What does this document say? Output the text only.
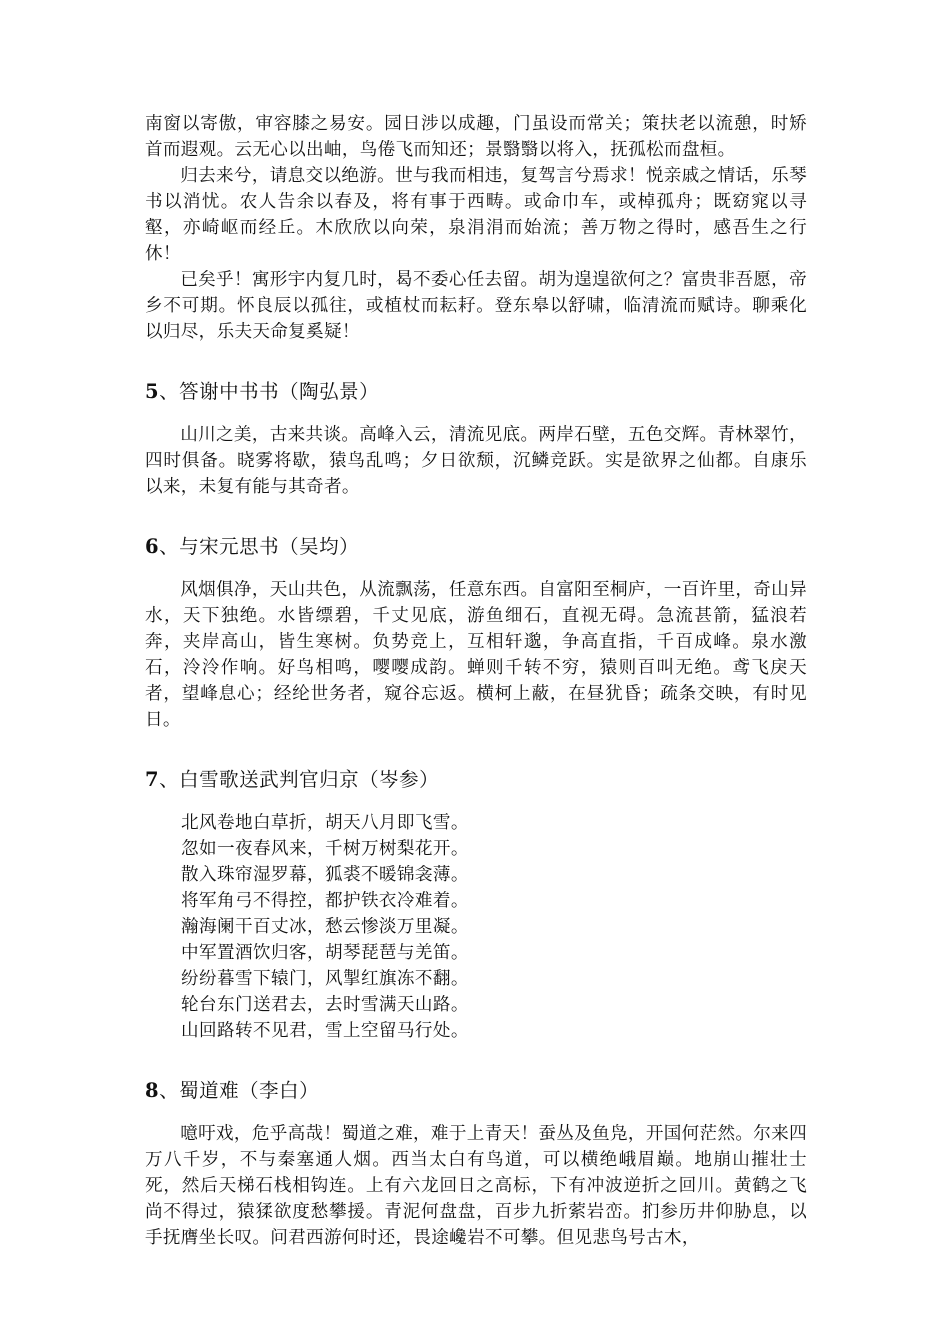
南窗以寄傲，审容膝之易安。园日涉以成趣，门虽设而常关；策扶老以流憩，时矫首而遐观。云无心以出岫，鸟倦飞而知还；景翳翳以将入，抚孤松而盘桓。

归去来兮，请息交以绝游。世与我而相违，复驾言兮焉求！悦亲戚之情话，乐琴书以消忧。农人告余以春及，将有事于西畴。或命巾车，或棹孤舟；既窈窕以寻壑，亦崎岖而经丘。木欣欣以向荣，泉涓涓而始流；善万物之得时，感吾生之行休！

已矣乎！寓形宇内复几时，曷不委心任去留。胡为遑遑欲何之？富贵非吾愿，帝乡不可期。怀良辰以孤往，或植杖而耘耔。登东皋以舒啸，临清流而赋诗。聊乘化以归尽，乐夫天命复奚疑！

5、答谢中书书（陶弘景）

山川之美，古来共谈。高峰入云，清流见底。两岸石壁，五色交辉。青林翠竹，四时俱备。晓雾将歇，猿鸟乱鸣；夕日欲颓，沉鳞竞跃。实是欲界之仙都。自康乐以来，未复有能与其奇者。

6、与宋元思书（吴均）

风烟俱净，天山共色，从流飘荡，任意东西。自富阳至桐庐，一百许里，奇山异水，天下独绝。水皆缥碧，千丈见底，游鱼细石，直视无碍。急流甚箭，猛浪若奔，夹岸高山，皆生寒树。负势竞上，互相轩邈，争高直指，千百成峰。泉水激石，泠泠作响。好鸟相鸣，嘤嘤成韵。蝉则千转不穷，猿则百叫无绝。鸢飞戾天者，望峰息心；经纶世务者，窥谷忘返。横柯上蔽，在昼犹昏；疏条交映，有时见日。

7、白雪歌送武判官归京（岑参）
北风卷地白草折，胡天八月即飞雪。
忽如一夜春风来，千树万树梨花开。
散入珠帘湿罗幕，狐裘不暖锦衾薄。
将军角弓不得控，都护铁衣冷难着。
瀚海阑干百丈冰，愁云惨淡万里凝。
中军置酒饮归客，胡琴琵琶与羌笛。
纷纷暮雪下辕门，风掣红旗冻不翻。
轮台东门送君去，去时雪满天山路。
山回路转不见君，雪上空留马行处。
8、蜀道难（李白）

噫吁戏，危乎高哉！蜀道之难，难于上青天！蚕丛及鱼凫，开国何茫然。尔来四万八千岁，不与秦塞通人烟。西当太白有鸟道，可以横绝峨眉巅。地崩山摧壮士死，然后天梯石栈相钩连。上有六龙回日之高标，下有冲波逆折之回川。黄鹤之飞尚不得过，猿猱欲度愁攀援。青泥何盘盘，百步九折萦岩峦。扪参历井仰胁息，以手抚膺坐长叹。问君西游何时还，畏途巉岩不可攀。但见悲鸟号古木，
